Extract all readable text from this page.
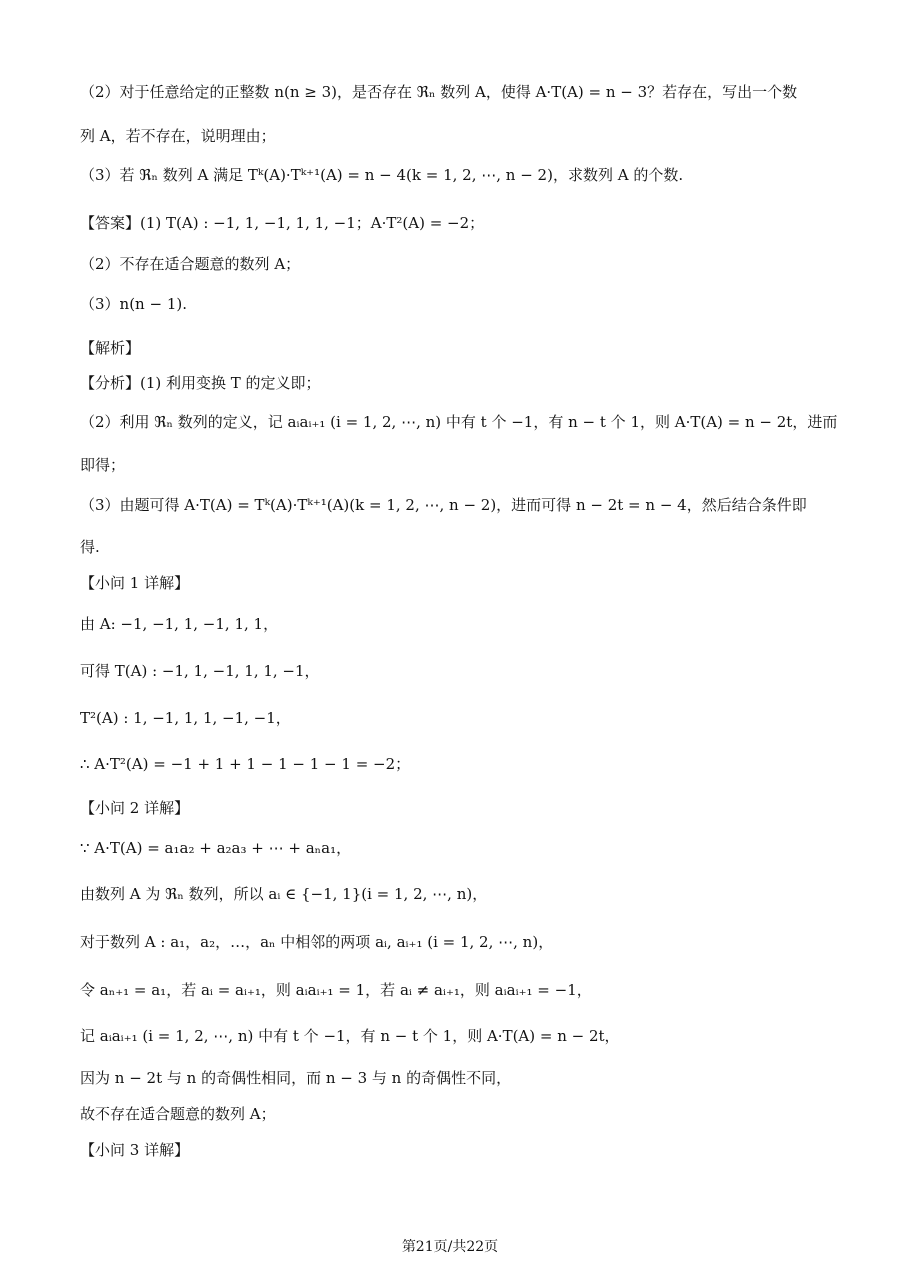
（2）对于任意给定的正整数 n(n ≥ 3)，是否存在 ℜₙ 数列 A，使得 A·T(A) = n − 3？若存在，写出一个数
列 A，若不存在，说明理由；
（3）若 ℜₙ 数列 A 满足 Tᵏ(A)·Tᵏ⁺¹(A) = n − 4(k = 1, 2, ⋯, n − 2)，求数列 A 的个数.
【答案】(1) T(A) : −1, 1, −1, 1, 1, −1；A·T²(A) = −2；
（2）不存在适合题意的数列 A；
（3）n(n − 1).
【解析】
【分析】(1) 利用变换 T 的定义即；
（2）利用 ℜₙ 数列的定义，记 aᵢaᵢ₊₁ (i = 1, 2, ⋯, n) 中有 t 个 −1，有 n − t 个 1，则 A·T(A) = n − 2t，进而
即得；
（3）由题可得 A·T(A) = Tᵏ(A)·Tᵏ⁺¹(A)(k = 1, 2, ⋯, n − 2)，进而可得 n − 2t = n − 4，然后结合条件即
得.
【小问 1 详解】
由 A: −1, −1, 1, −1, 1, 1，
可得 T(A) : −1, 1, −1, 1, 1, −1，
T²(A) : 1, −1, 1, 1, −1, −1，
∴ A·T²(A) = −1 + 1 + 1 − 1 − 1 − 1 = −2；
【小问 2 详解】
∵ A·T(A) = a₁a₂ + a₂a₃ + ⋯ + aₙa₁，
由数列 A 为 ℜₙ 数列，所以 aᵢ ∈ {−1, 1}(i = 1, 2, ⋯, n)，
对于数列 A : a₁，a₂，…，aₙ 中相邻的两项 aᵢ, aᵢ₊₁ (i = 1, 2, ⋯, n)，
令 aₙ₊₁ = a₁，若 aᵢ = aᵢ₊₁，则 aᵢaᵢ₊₁ = 1，若 aᵢ ≠ aᵢ₊₁，则 aᵢaᵢ₊₁ = −1，
记 aᵢaᵢ₊₁ (i = 1, 2, ⋯, n) 中有 t 个 −1，有 n − t 个 1，则 A·T(A) = n − 2t，
因为 n − 2t 与 n 的奇偶性相同，而 n − 3 与 n 的奇偶性不同，
故不存在适合题意的数列 A；
【小问 3 详解】
第21页/共22页
